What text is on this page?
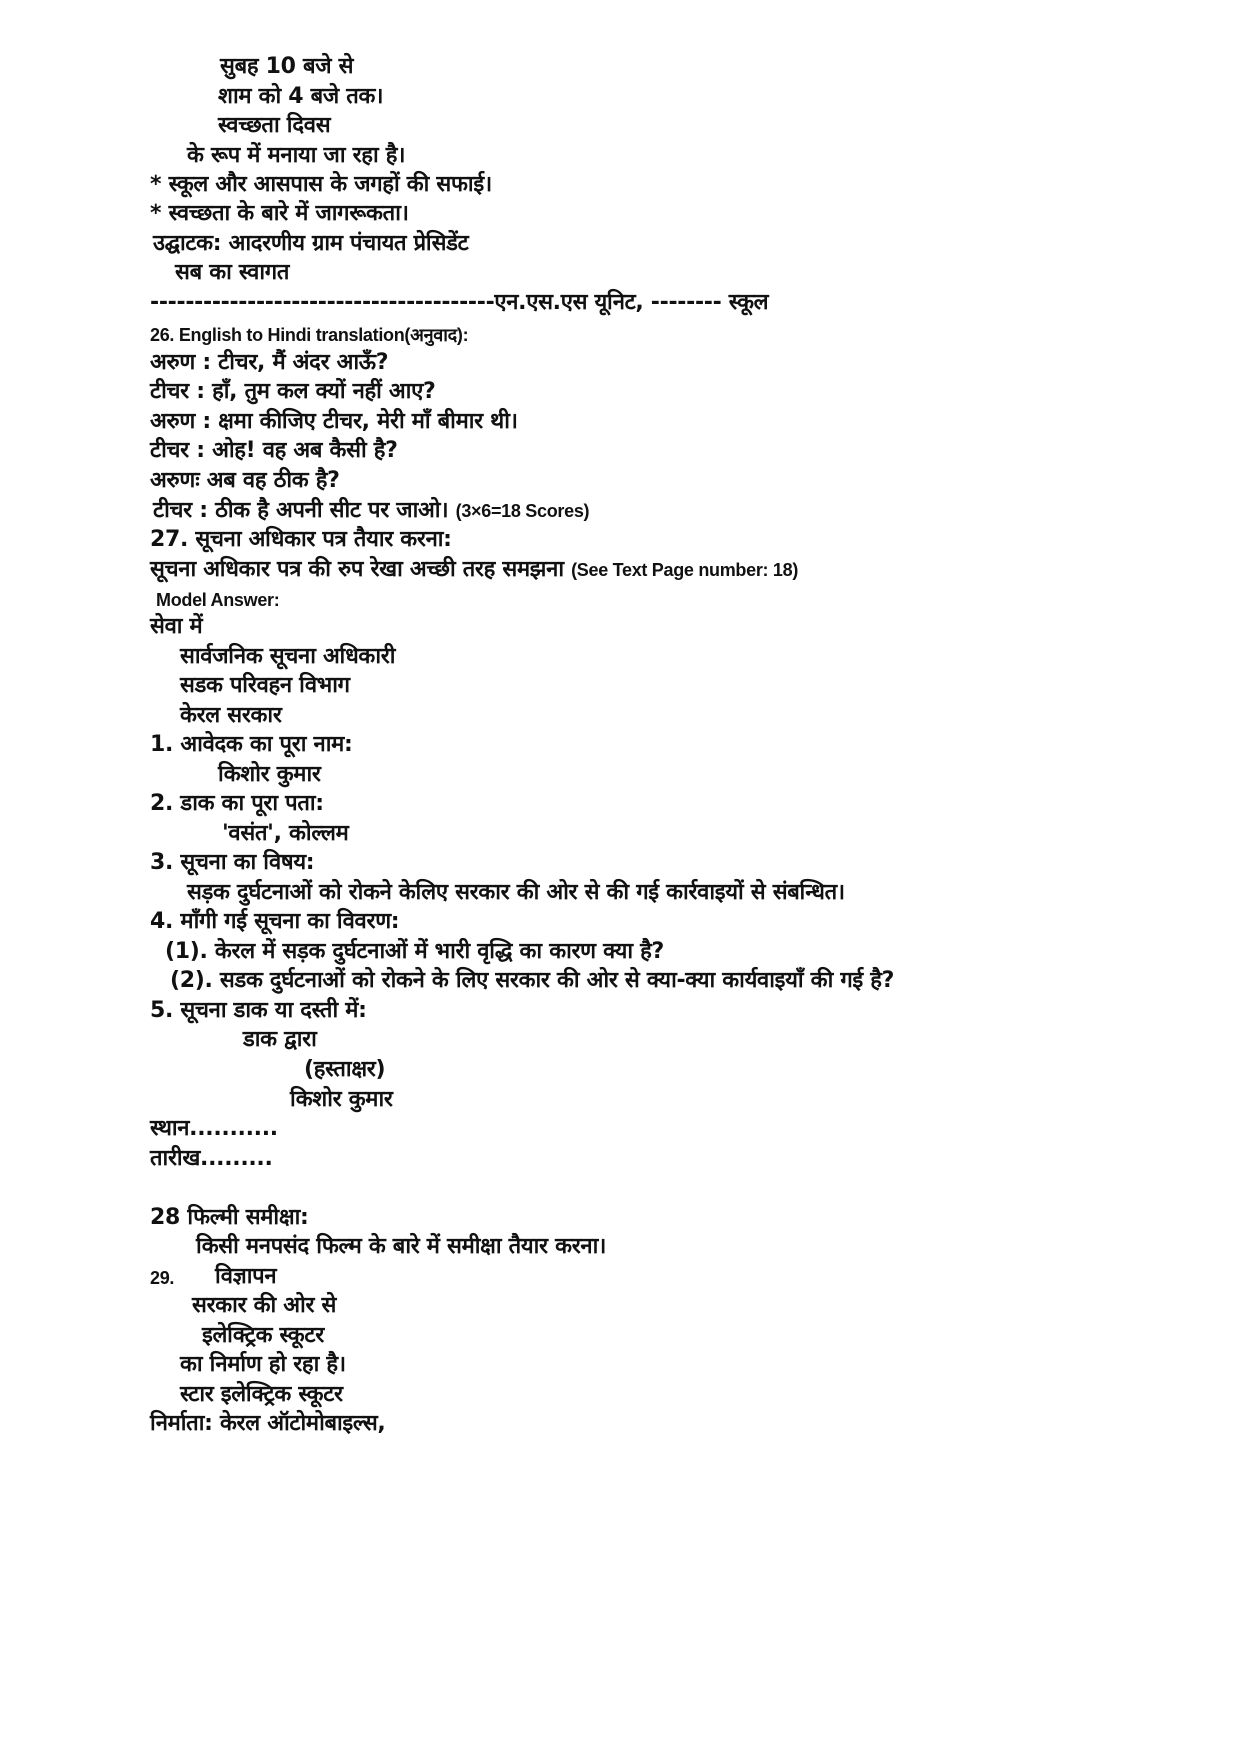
सुबह 10 बजे से
शाम को 4 बजे तक।
स्वच्छता दिवस
के रूप में मनाया जा रहा है।
* स्कूल और आसपास के जगहों की सफाई।
* स्वच्छता के बारे में जागरूकता।
उद्घाटक: आदरणीय ग्राम पंचायत प्रेसिडेंट
सब का स्वागत
---------------------------------------एन.एस.एस यूनिट, -------- स्कूल
26. English to Hindi translation(अनुवाद):
अरुण : टीचर, मैं अंदर आऊँ?
टीचर : हाँ, तुम कल क्यों नहीं आए?
अरुण : क्षमा कीजिए टीचर, मेरी माँ बीमार थी।
टीचर : ओह! वह अब कैसी है?
अरुणः अब वह ठीक है?
टीचर : ठीक है अपनी सीट पर जाओ। (3×6=18 Scores)
27. सूचना अधिकार पत्र तैयार करना:
सूचना अधिकार पत्र की रुप रेखा अच्छी तरह समझना (See Text Page number: 18)
Model Answer:
सेवा में
सार्वजनिक सूचना अधिकारी
सडक परिवहन विभाग
केरल सरकार
1. आवेदक का पूरा नाम:
किशोर कुमार
2. डाक का पूरा पता:
'वसंत', कोल्लम
3. सूचना का विषय:
सड़क दुर्घटनाओं को रोकने केलिए सरकार की ओर से की गई कार्रवाइयों से संबन्धित।
4. माँगी गई सूचना का विवरण:
(1). केरल में सड़क दुर्घटनाओं में भारी वृद्धि का कारण क्या है?
(2). सडक दुर्घटनाओं को रोकने के लिए सरकार की ओर से क्या-क्या कार्यवाइयाँ की गई है?
5. सूचना डाक या दस्ती में:
डाक द्वारा
(हस्ताक्षर)
किशोर कुमार
स्थान...........
तारीख.........
28 फिल्मी समीक्षा:
किसी मनपसंद फिल्म के बारे में समीक्षा तैयार करना।
29. विज्ञापन
सरकार की ओर से
इलेक्ट्रिक स्कूटर
का निर्माण हो रहा है।
स्टार इलेक्ट्रिक स्कूटर
निर्माता: केरल ऑटोमोबाइल्स,
